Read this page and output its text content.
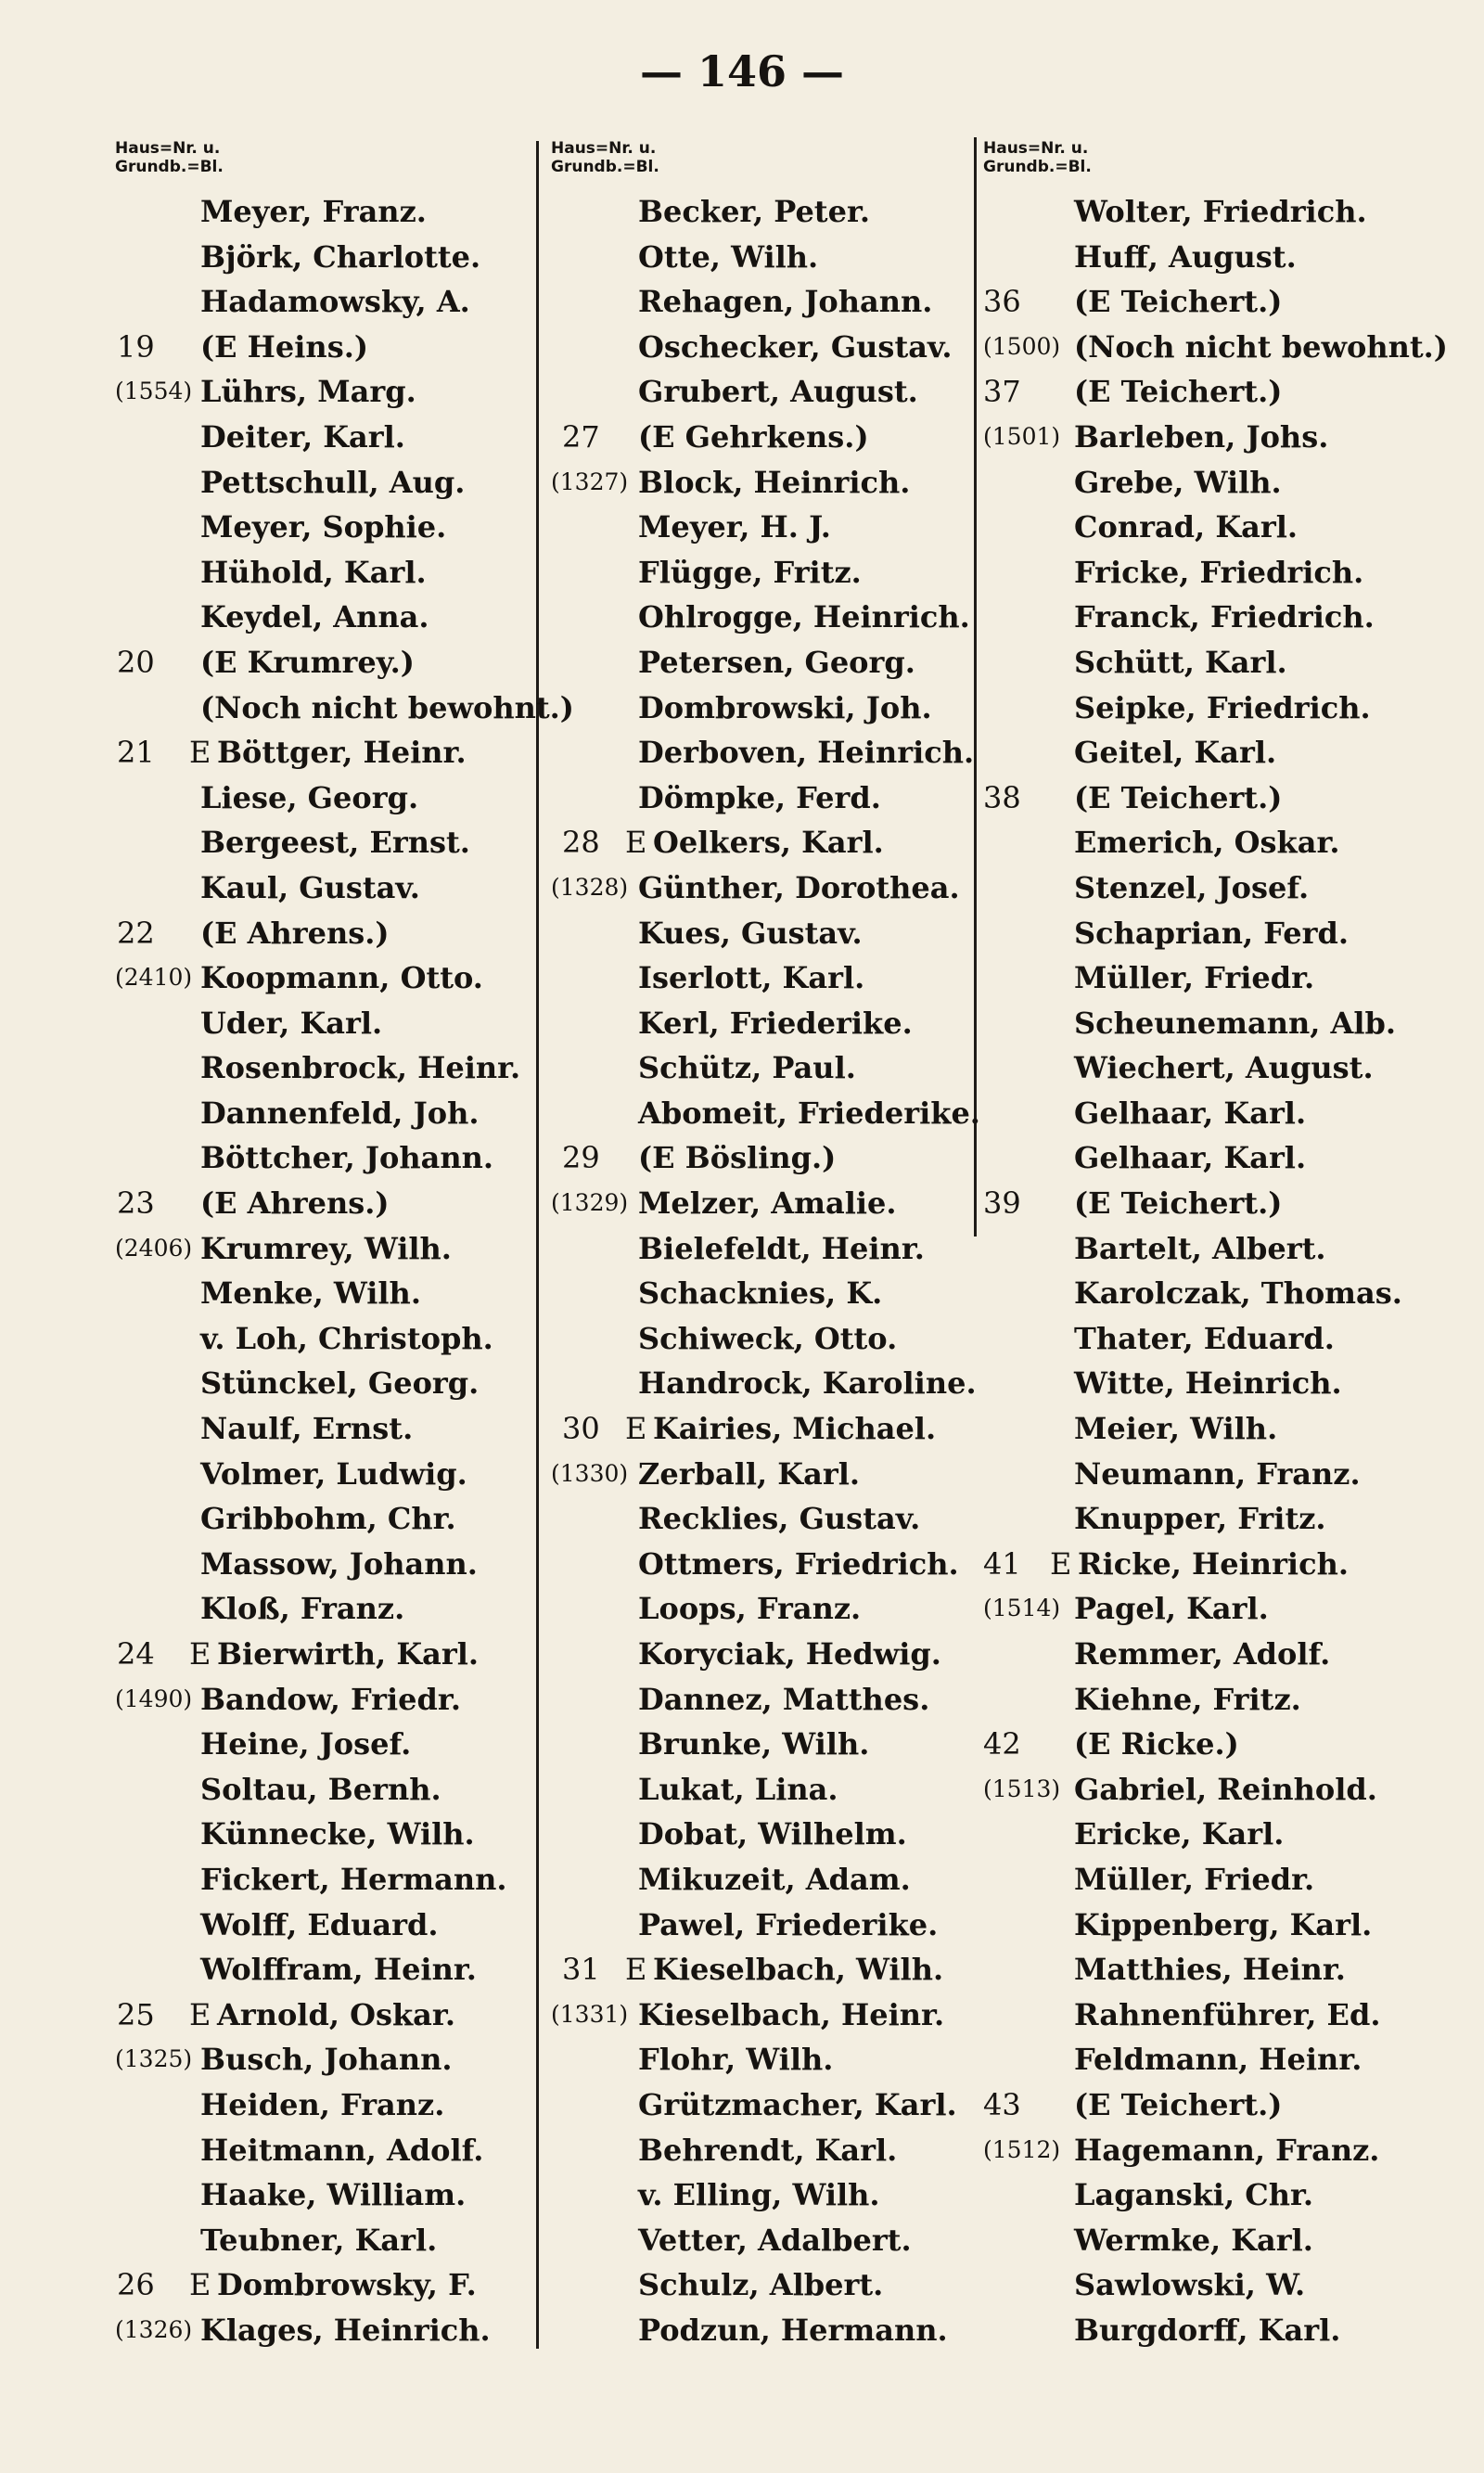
— 146 —
Haus=Nr. u.
Grundb.=Bl.
Meyer, Franz.
Björk, Charlotte.
Hadamowsky, A.
19 (E Heins.)
(1554) Lührs, Marg.
Deiter, Karl.
Pettschull, Aug.
Meyer, Sophie.
Hühold, Karl.
Keydel, Anna.
20 (E Krumrey.)
(Noch nicht bewohnt.)
21 E Böttger, Heinr.
Liese, Georg.
Bergeest, Ernst.
Kaul, Gustav.
22 (E Ahrens.)
(2410) Koopmann, Otto.
Uder, Karl.
Rosenbrock, Heinr.
Dannenfeld, Joh.
Böttcher, Johann.
23 (E Ahrens.)
(2406) Krumrey, Wilh.
Menke, Wilh.
v. Loh, Christoph.
Stünckel, Georg.
Naulf, Ernst.
Volmer, Ludwig.
Gribbohm, Chr.
Massow, Johann.
Kloß, Franz.
24 E Bierwirth, Karl.
(1490) Bandow, Friedr.
Heine, Josef.
Soltau, Bernh.
Künnecke, Wilh.
Fickert, Hermann.
Wolff, Eduard.
Wolffram, Heinr.
25 E Arnold, Oskar.
(1325) Busch, Johann.
Heiden, Franz.
Heitmann, Adolf.
Haake, William.
Teubner, Karl.
26 E Dombrowsky, F.
(1326) Klages, Heinrich.
Haus=Nr. u.
Grundb.=Bl.
Becker, Peter.
Otte, Wilh.
Rehagen, Johann.
Oschecker, Gustav.
Grubert, August.
27 (E Gehrkens.)
(1327) Block, Heinrich.
Meyer, H. J.
Flügge, Fritz.
Ohlrogge, Heinrich.
Petersen, Georg.
Dombrowski, Joh.
Derboven, Heinrich.
Dömpke, Ferd.
28 E Oelkers, Karl.
(1328) Günther, Dorothea.
Kues, Gustav.
Iserlott, Karl.
Kerl, Friederike.
Schütz, Paul.
Abomeit, Friederike.
29 (E Bösling.)
(1329) Melzer, Amalie.
Bielefeldt, Heinr.
Schacknies, K.
Schiweck, Otto.
Handrock, Karoline.
30 E Kairies, Michael.
(1330) Zerball, Karl.
Recklies, Gustav.
Ottmers, Friedrich.
Loops, Franz.
Koryciak, Hedwig.
Dannez, Matthes.
Brunke, Wilh.
Lukat, Lina.
Dobat, Wilhelm.
Mikuzeit, Adam.
Pawel, Friederike.
31 E Kieselbach, Wilh.
(1331) Kieselbach, Heinr.
Flohr, Wilh.
Grützmacher, Karl.
Behrendt, Karl.
v. Elling, Wilh.
Vetter, Adalbert.
Schulz, Albert.
Podzun, Hermann.
Haus=Nr. u.
Grundb.=Bl.
Wolter, Friedrich.
Huff, August.
36 (E Teichert.)
(1500) (Noch nicht bewohnt.)
37 (E Teichert.)
(1501) Barleben, Johs.
Grebe, Wilh.
Conrad, Karl.
Fricke, Friedrich.
Franck, Friedrich.
Schütt, Karl.
Seipke, Friedrich.
Geitel, Karl.
38 (E Teichert.)
Emerich, Oskar.
Stenzel, Josef.
Schaprian, Ferd.
Müller, Friedr.
Scheunemann, Alb.
Wiechert, August.
Gelhaar, Karl.
Gelhaar, Karl.
39 (E Teichert.)
Bartelt, Albert.
Karolczak, Thomas.
Thater, Eduard.
Witte, Heinrich.
Meier, Wilh.
Neumann, Franz.
Knupper, Fritz.
41 E Ricke, Heinrich.
(1514) Pagel, Karl.
Remmer, Adolf.
Kiehne, Fritz.
42 (E Ricke.)
(1513) Gabriel, Reinhold.
Ericke, Karl.
Müller, Friedr.
Kippenberg, Karl.
Matthies, Heinr.
Rahnenführer, Ed.
Feldmann, Heinr.
43 (E Teichert.)
(1512) Hagemann, Franz.
Laganski, Chr.
Wermke, Karl.
Sawlowski, W.
Burgdorff, Karl.
